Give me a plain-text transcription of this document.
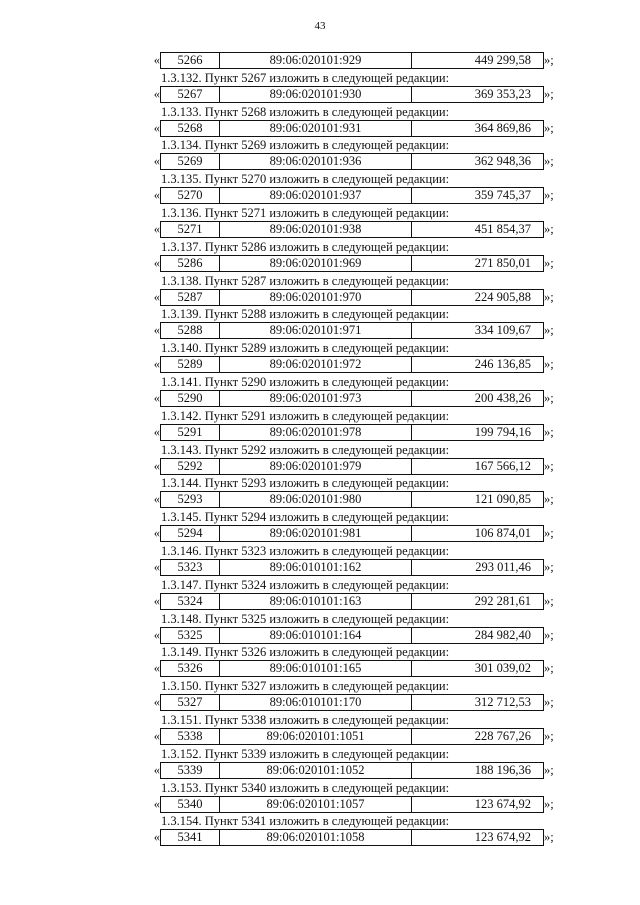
43
«	5266	89:06:020101:929	449 299,58	»;
1.3.132. Пункт 5267 изложить в следующей редакции:
«	5267	89:06:020101:930	369 353,23	»;
1.3.133. Пункт 5268 изложить в следующей редакции:
«	5268	89:06:020101:931	364 869,86	»;
1.3.134. Пункт 5269 изложить в следующей редакции:
«	5269	89:06:020101:936	362 948,36	»;
1.3.135. Пункт 5270 изложить в следующей редакции:
«	5270	89:06:020101:937	359 745,37	»;
1.3.136. Пункт 5271 изложить в следующей редакции:
«	5271	89:06:020101:938	451 854,37	»;
1.3.137. Пункт 5286 изложить в следующей редакции:
«	5286	89:06:020101:969	271 850,01	»;
1.3.138. Пункт 5287 изложить в следующей редакции:
«	5287	89:06:020101:970	224 905,88	»;
1.3.139. Пункт 5288 изложить в следующей редакции:
«	5288	89:06:020101:971	334 109,67	»;
1.3.140. Пункт 5289 изложить в следующей редакции:
«	5289	89:06:020101:972	246 136,85	»;
1.3.141. Пункт 5290 изложить в следующей редакции:
«	5290	89:06:020101:973	200 438,26	»;
1.3.142. Пункт 5291 изложить в следующей редакции:
«	5291	89:06:020101:978	199 794,16	»;
1.3.143. Пункт 5292 изложить в следующей редакции:
«	5292	89:06:020101:979	167 566,12	»;
1.3.144. Пункт 5293 изложить в следующей редакции:
«	5293	89:06:020101:980	121 090,85	»;
1.3.145. Пункт 5294 изложить в следующей редакции:
«	5294	89:06:020101:981	106 874,01	»;
1.3.146. Пункт 5323 изложить в следующей редакции:
«	5323	89:06:010101:162	293 011,46	»;
1.3.147. Пункт 5324 изложить в следующей редакции:
«	5324	89:06:010101:163	292 281,61	»;
1.3.148. Пункт 5325 изложить в следующей редакции:
«	5325	89:06:010101:164	284 982,40	»;
1.3.149. Пункт 5326 изложить в следующей редакции:
«	5326	89:06:010101:165	301 039,02	»;
1.3.150. Пункт 5327 изложить в следующей редакции:
«	5327	89:06:010101:170	312 712,53	»;
1.3.151. Пункт 5338 изложить в следующей редакции:
«	5338	89:06:020101:1051	228 767,26	»;
1.3.152. Пункт 5339 изложить в следующей редакции:
«	5339	89:06:020101:1052	188 196,36	»;
1.3.153. Пункт 5340 изложить в следующей редакции:
«	5340	89:06:020101:1057	123 674,92	»;
1.3.154. Пункт 5341 изложить в следующей редакции:
«	5341	89:06:020101:1058	123 674,92	»;
